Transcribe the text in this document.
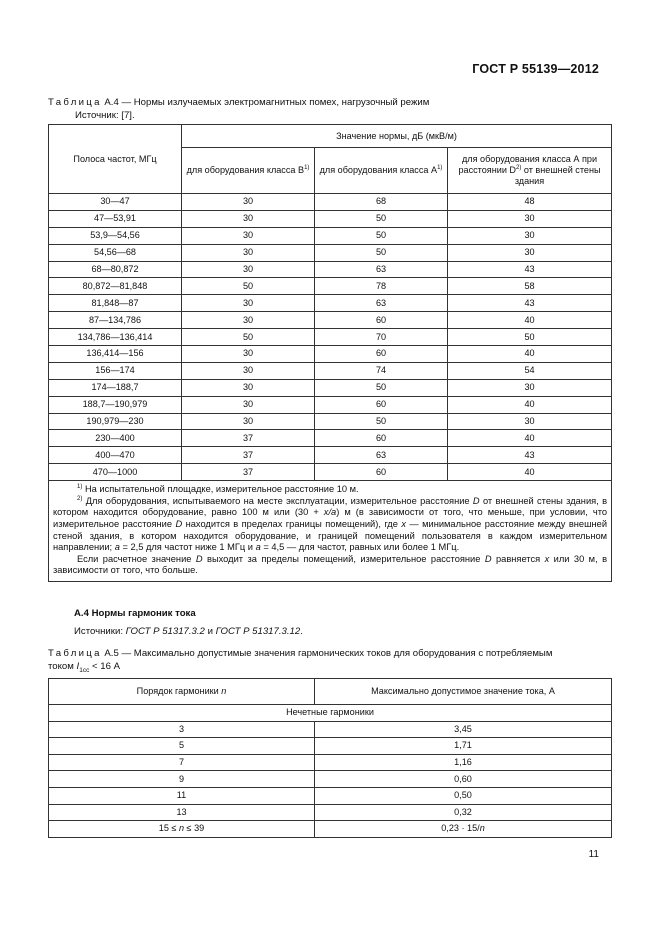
ГОСТ Р 55139—2012
Таблица А.4 — Нормы излучаемых электромагнитных помех, нагрузочный режим
Источник: [7].
Полоса частот, МГц	Значение нормы, дБ (мкВ/м)		
	для оборудования класса $В^{1)}$	для оборудования класса $А^{1)}$	для оборудования класса А при расстоянии $D^{2)}$ от внешней стены здания
30—47	30	68	48
47—53,91	30	50	30
53,9—54,56	30	50	30
54,56—68	30	50	30
68—80,872	30	63	43
80,872—81,848	50	78	58
81,848—87	30	63	43
87—134,786	30	60	40
134,786—136,414	50	70	50
136,414—156	30	60	40
156—174	30	74	54
174—188,7	30	50	30
188,7—190,979	30	60	40
190,979—230	30	50	30
230—400	37	60	40
400—470	37	63	43
470—1000	37	60	40

$^{1)}$ На испытательной площадке, измерительное расстояние 10 м.

$^{2)}$ Для оборудования, испытываемого на месте эксплуатации, измерительное расстояние D от внешней стены здания, в котором находится оборудование, равно 100 м или (30 + x/a) м (в зависимости от того, что меньше, при условии, что измерительное расстояние D находится в пределах границы помещений), где x — минимальное расстояние между внешней стеной здания, в котором находится оборудование, и границей помещений пользователя в каждом измерительном направлении; a = 2,5 для частот ниже 1 МГц и a = 4,5 — для частот, равных или более 1 МГц.

Если расчетное значение D выходит за пределы помещений, измерительное расстояние D равняется x или 30 м, в зависимости от того, что больше.			

А.4 Нормы гармоник тока
Источники: ГОСТ Р 51317.3.2 и ГОСТ Р 51317.3.12.
Таблица А.5 — Максимально допустимые значения гармонических токов для оборудования с потребляемым
током $I_{1cc} < 16$ А
Порядок гармоники n	Максимально допустимое значение тока, А
Нечетные гармоники	
3	3,45
5	1,71
7	1,16
9	0,60
11	0,50
13	0,32
15 ≤ n ≤ 39	0,23 · 15/n
11
